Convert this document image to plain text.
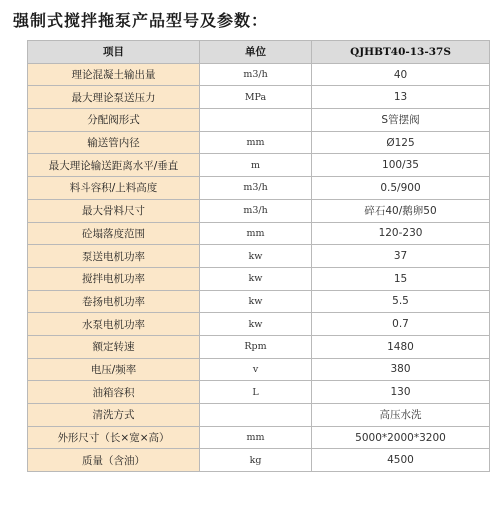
强制式搅拌拖泵产品型号及参数：
项目	单位	QJHBT40-13-37S
理论混凝土输出量	m3/h	40
最大理论泵送压力	MPa	13
分配阀形式		S管摆阀
输送管内径	mm	Ø125
最大理论输送距离水平/垂直	m	100/35
料斗容积/上料高度	m3/h	0.5/900
最大骨料尺寸	m3/h	碎石40/鹅卵50
砼塌落度范围	mm	120-230
泵送电机功率	kw	37
搅拌电机功率	kw	15
卷扬电机功率	kw	5.5
水泵电机功率	kw	0.7
额定转速	Rpm	1480
电压/频率	v	380
油箱容积	L	130
清洗方式		高压水洗
外形尺寸（长×宽×高）	mm	5000*2000*3200
质量（含油）	kg	4500
